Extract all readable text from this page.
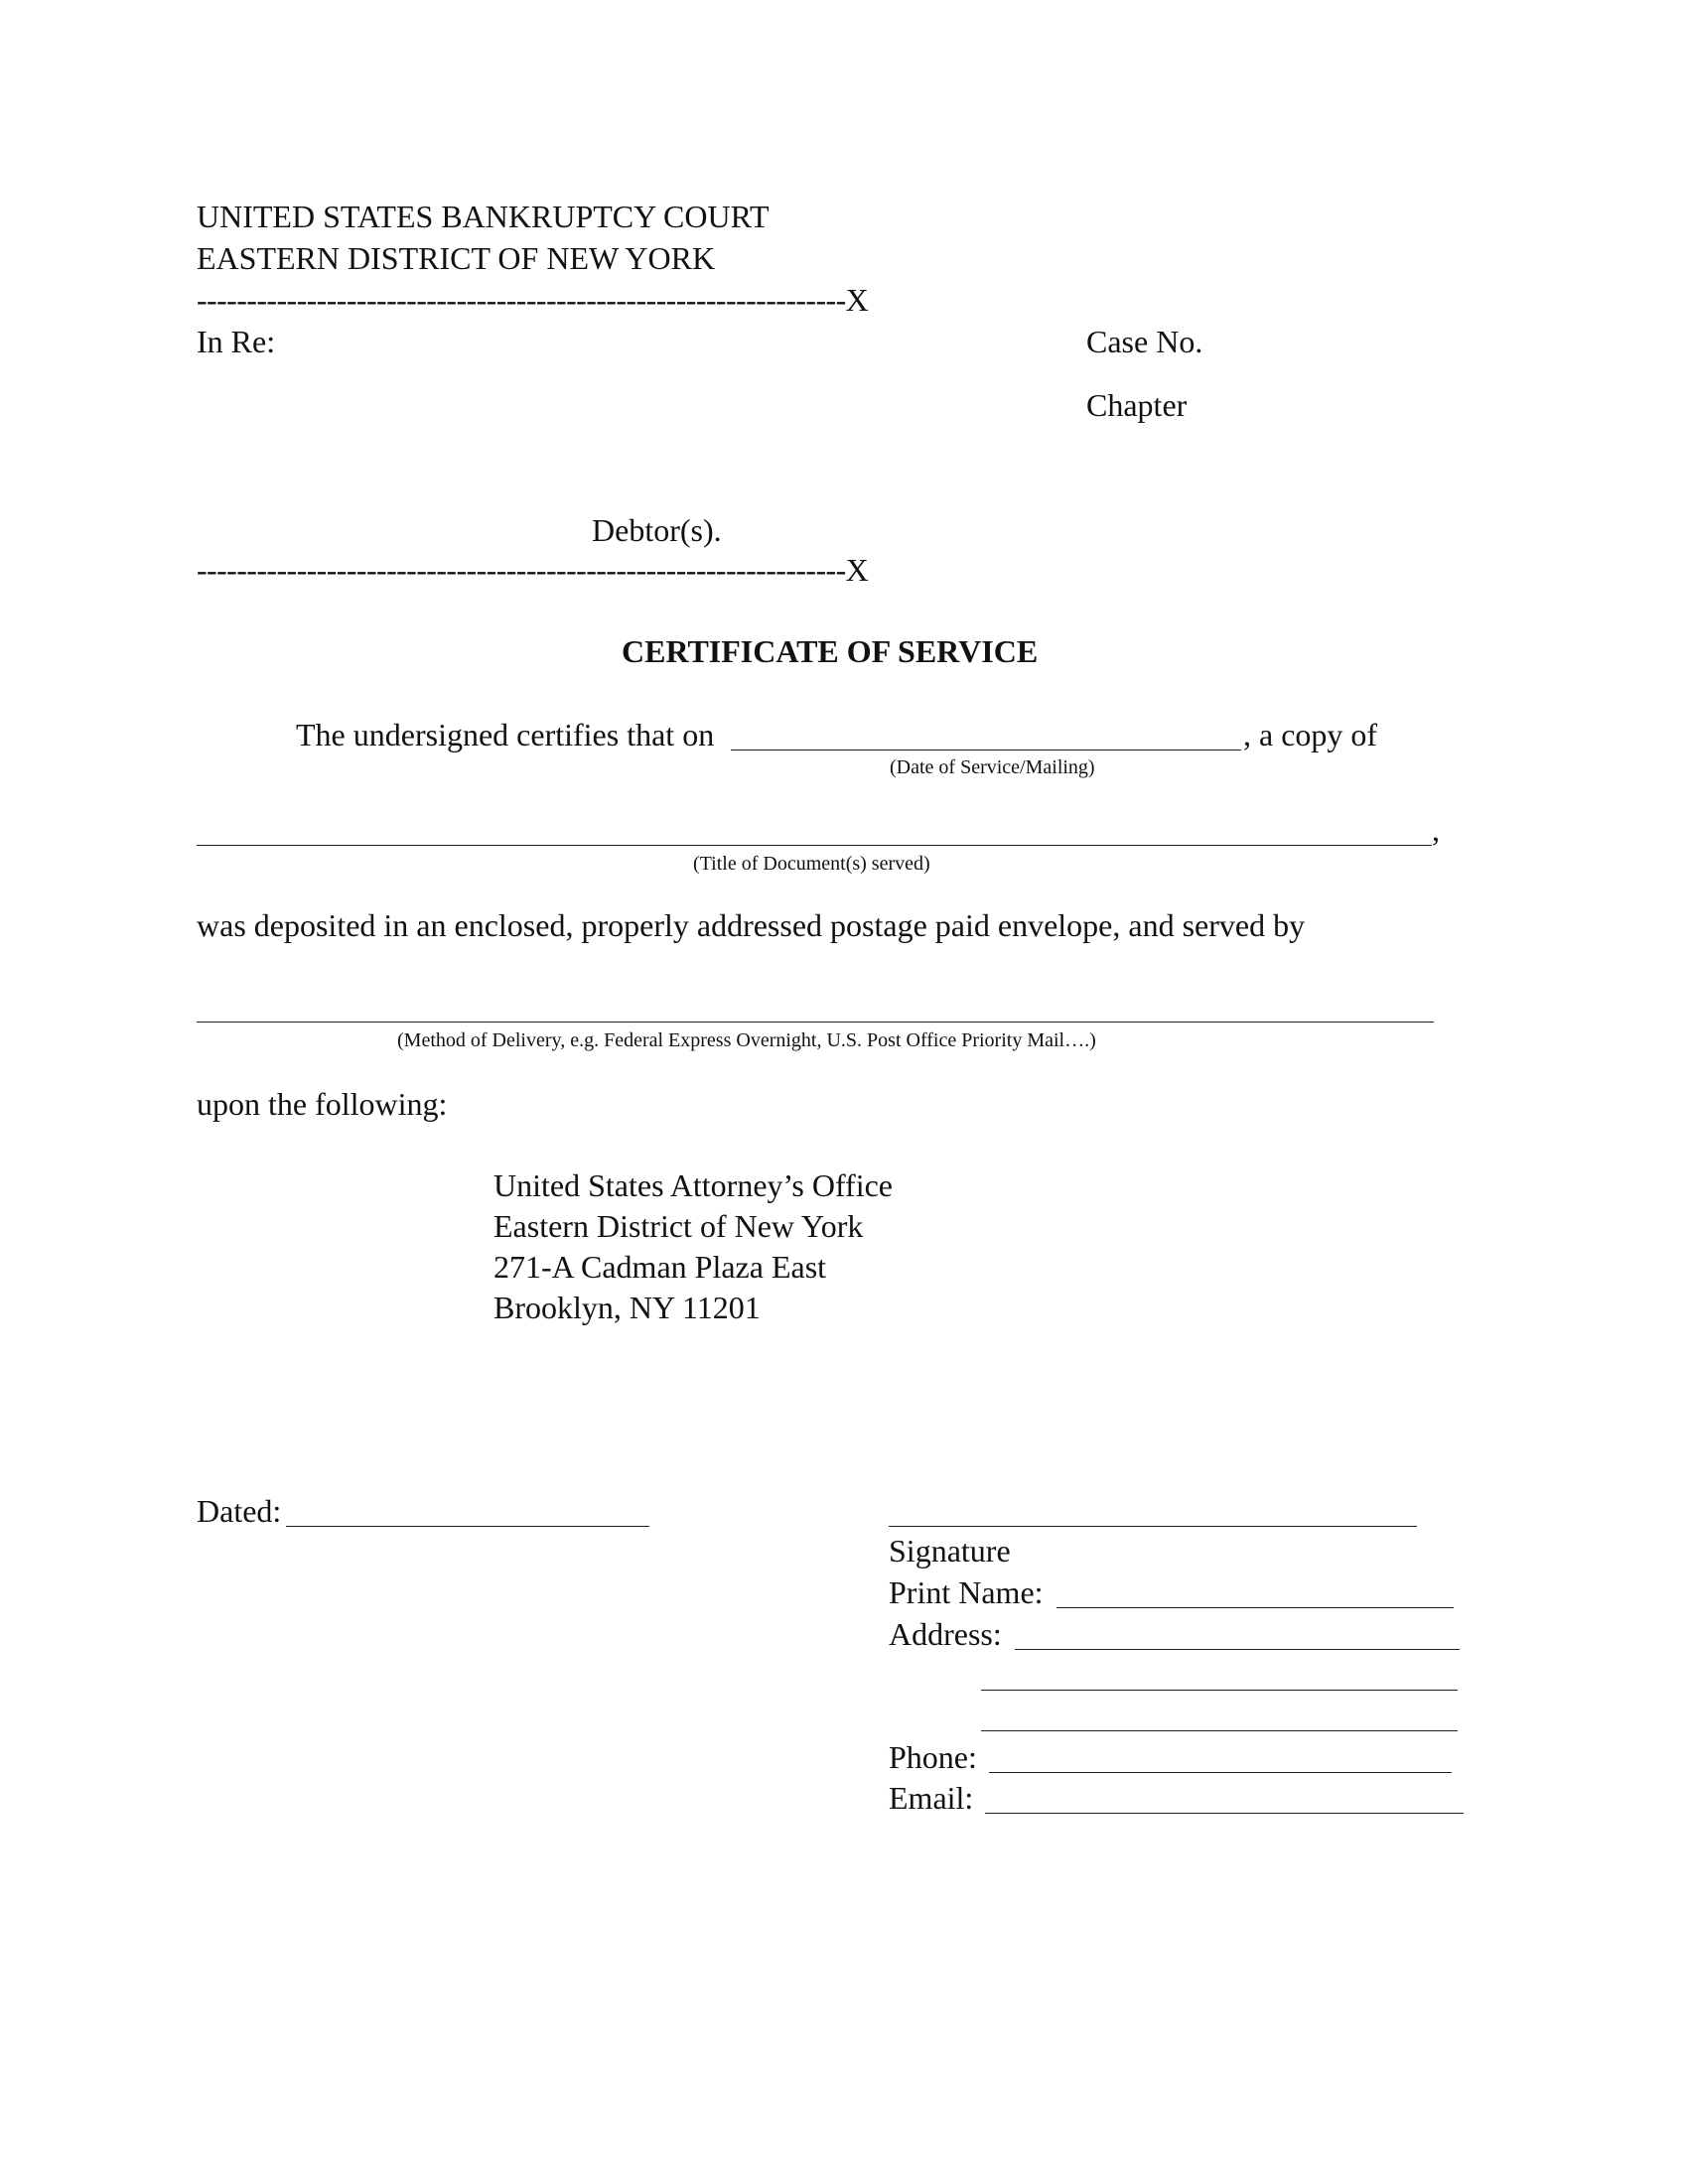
UNITED STATES BANKRUPTCY COURT
EASTERN DISTRICT OF NEW YORK
-----------------------------------------------------------------X
In Re:	Case No.
Chapter
Debtor(s).
-----------------------------------------------------------------X
CERTIFICATE OF SERVICE
The undersigned certifies that on	, a copy of
(Date of Service/Mailing)
,
(Title of Document(s) served)
was deposited in an enclosed, properly addressed postage paid envelope, and served by
(Method of Delivery, e.g. Federal Express Overnight, U.S. Post Office Priority Mail….)
upon the following:
United States Attorney’s Office
Eastern District of New York
271-A Cadman Plaza East
Brooklyn, NY 11201
Dated:
Signature
Print Name:
Address:
Phone:
Email:
